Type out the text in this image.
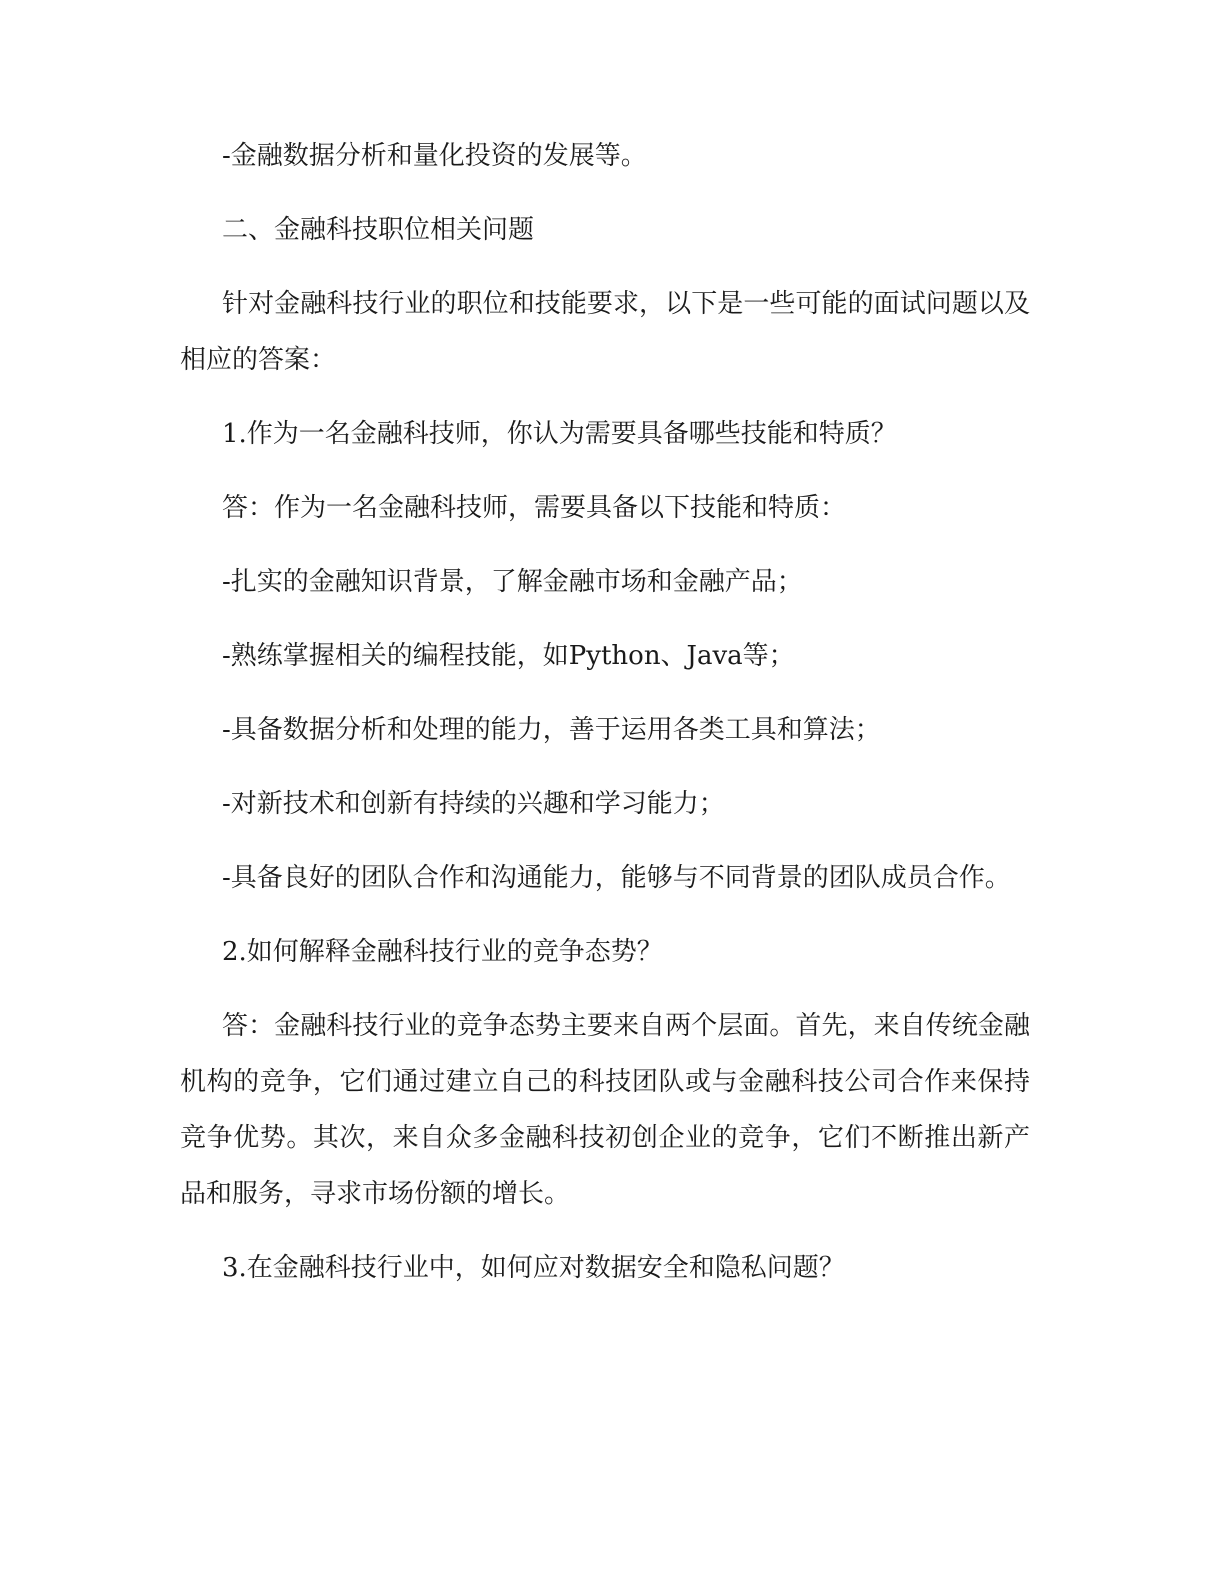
-金融数据分析和量化投资的发展等。

二、金融科技职位相关问题

针对金融科技行业的职位和技能要求，以下是一些可能的面试问题以及相应的答案：

1.作为一名金融科技师，你认为需要具备哪些技能和特质？

答：作为一名金融科技师，需要具备以下技能和特质：

-扎实的金融知识背景，了解金融市场和金融产品；

-熟练掌握相关的编程技能，如Python、Java等；

-具备数据分析和处理的能力，善于运用各类工具和算法；

-对新技术和创新有持续的兴趣和学习能力；

-具备良好的团队合作和沟通能力，能够与不同背景的团队成员合作。

2.如何解释金融科技行业的竞争态势？

答：金融科技行业的竞争态势主要来自两个层面。首先，来自传统金融机构的竞争，它们通过建立自己的科技团队或与金融科技公司合作来保持竞争优势。其次，来自众多金融科技初创企业的竞争，它们不断推出新产品和服务，寻求市场份额的增长。

3.在金融科技行业中，如何应对数据安全和隐私问题？
